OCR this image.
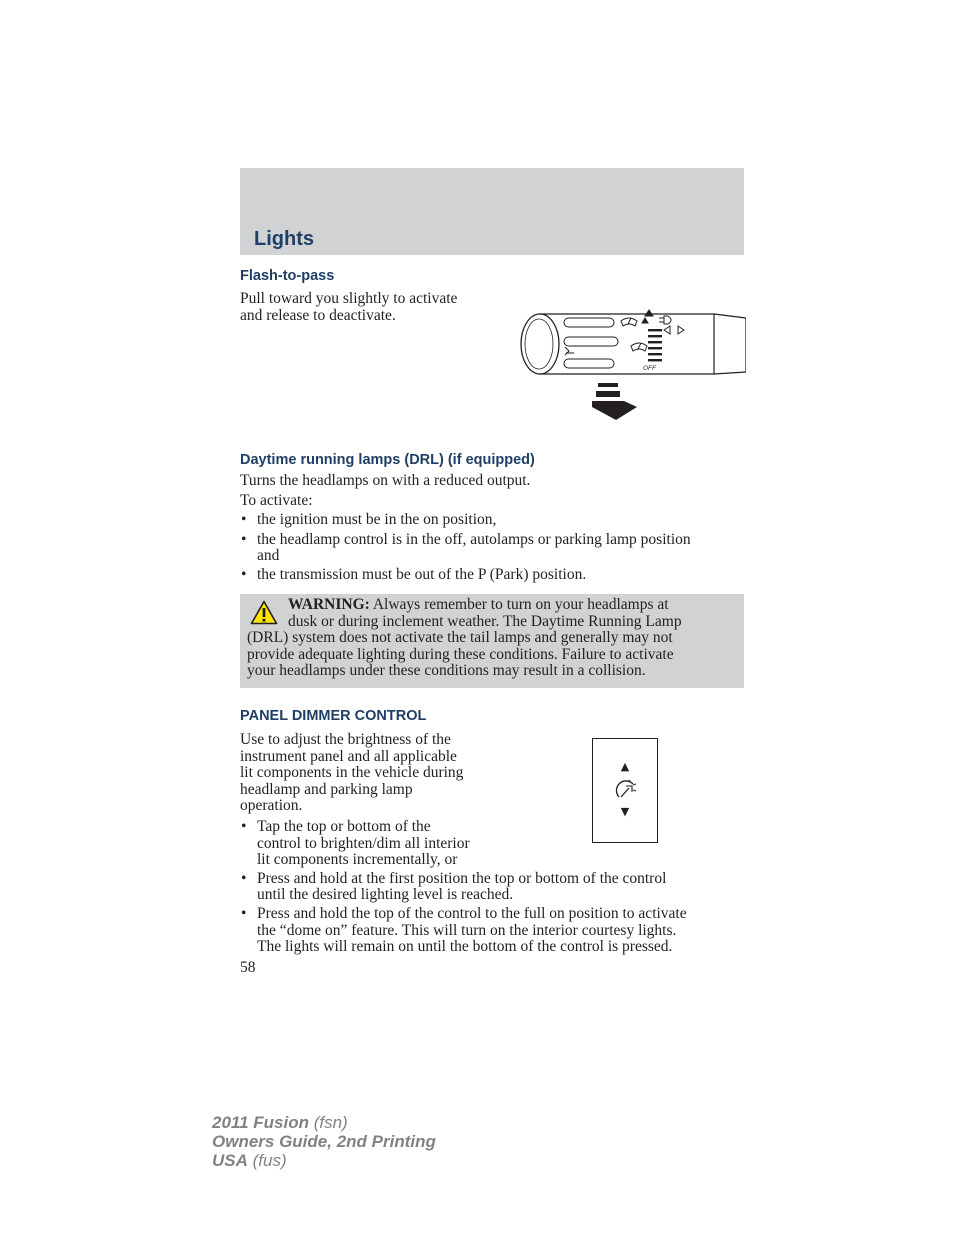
Lights
Flash-to-pass
Pull toward you slightly to activate
and release to deactivate.
OFF
Daytime running lamps (DRL) (if equipped)
Turns the headlamps on with a reduced output.
To activate:
• the ignition must be in the on position,
• the headlamp control is in the off, autolamps or parking lamp position
and
• the transmission must be out of the P (Park) position.
WARNING: Always remember to turn on your headlamps at
dusk or during inclement weather. The Daytime Running Lamp
(DRL) system does not activate the tail lamps and generally may not
provide adequate lighting during these conditions. Failure to activate
your headlamps under these conditions may result in a collision.
PANEL DIMMER CONTROL
Use to adjust the brightness of the
instrument panel and all applicable
lit components in the vehicle during
headlamp and parking lamp
operation.
▲
▼
• Tap the top or bottom of the
control to brighten/dim all interior
lit components incrementally, or
• Press and hold at the first position the top or bottom of the control
until the desired lighting level is reached.
• Press and hold the top of the control to the full on position to activate
the “dome on” feature. This will turn on the interior courtesy lights.
The lights will remain on until the bottom of the control is pressed.
58
2011 Fusion (fsn)
Owners Guide, 2nd Printing
USA (fus)
